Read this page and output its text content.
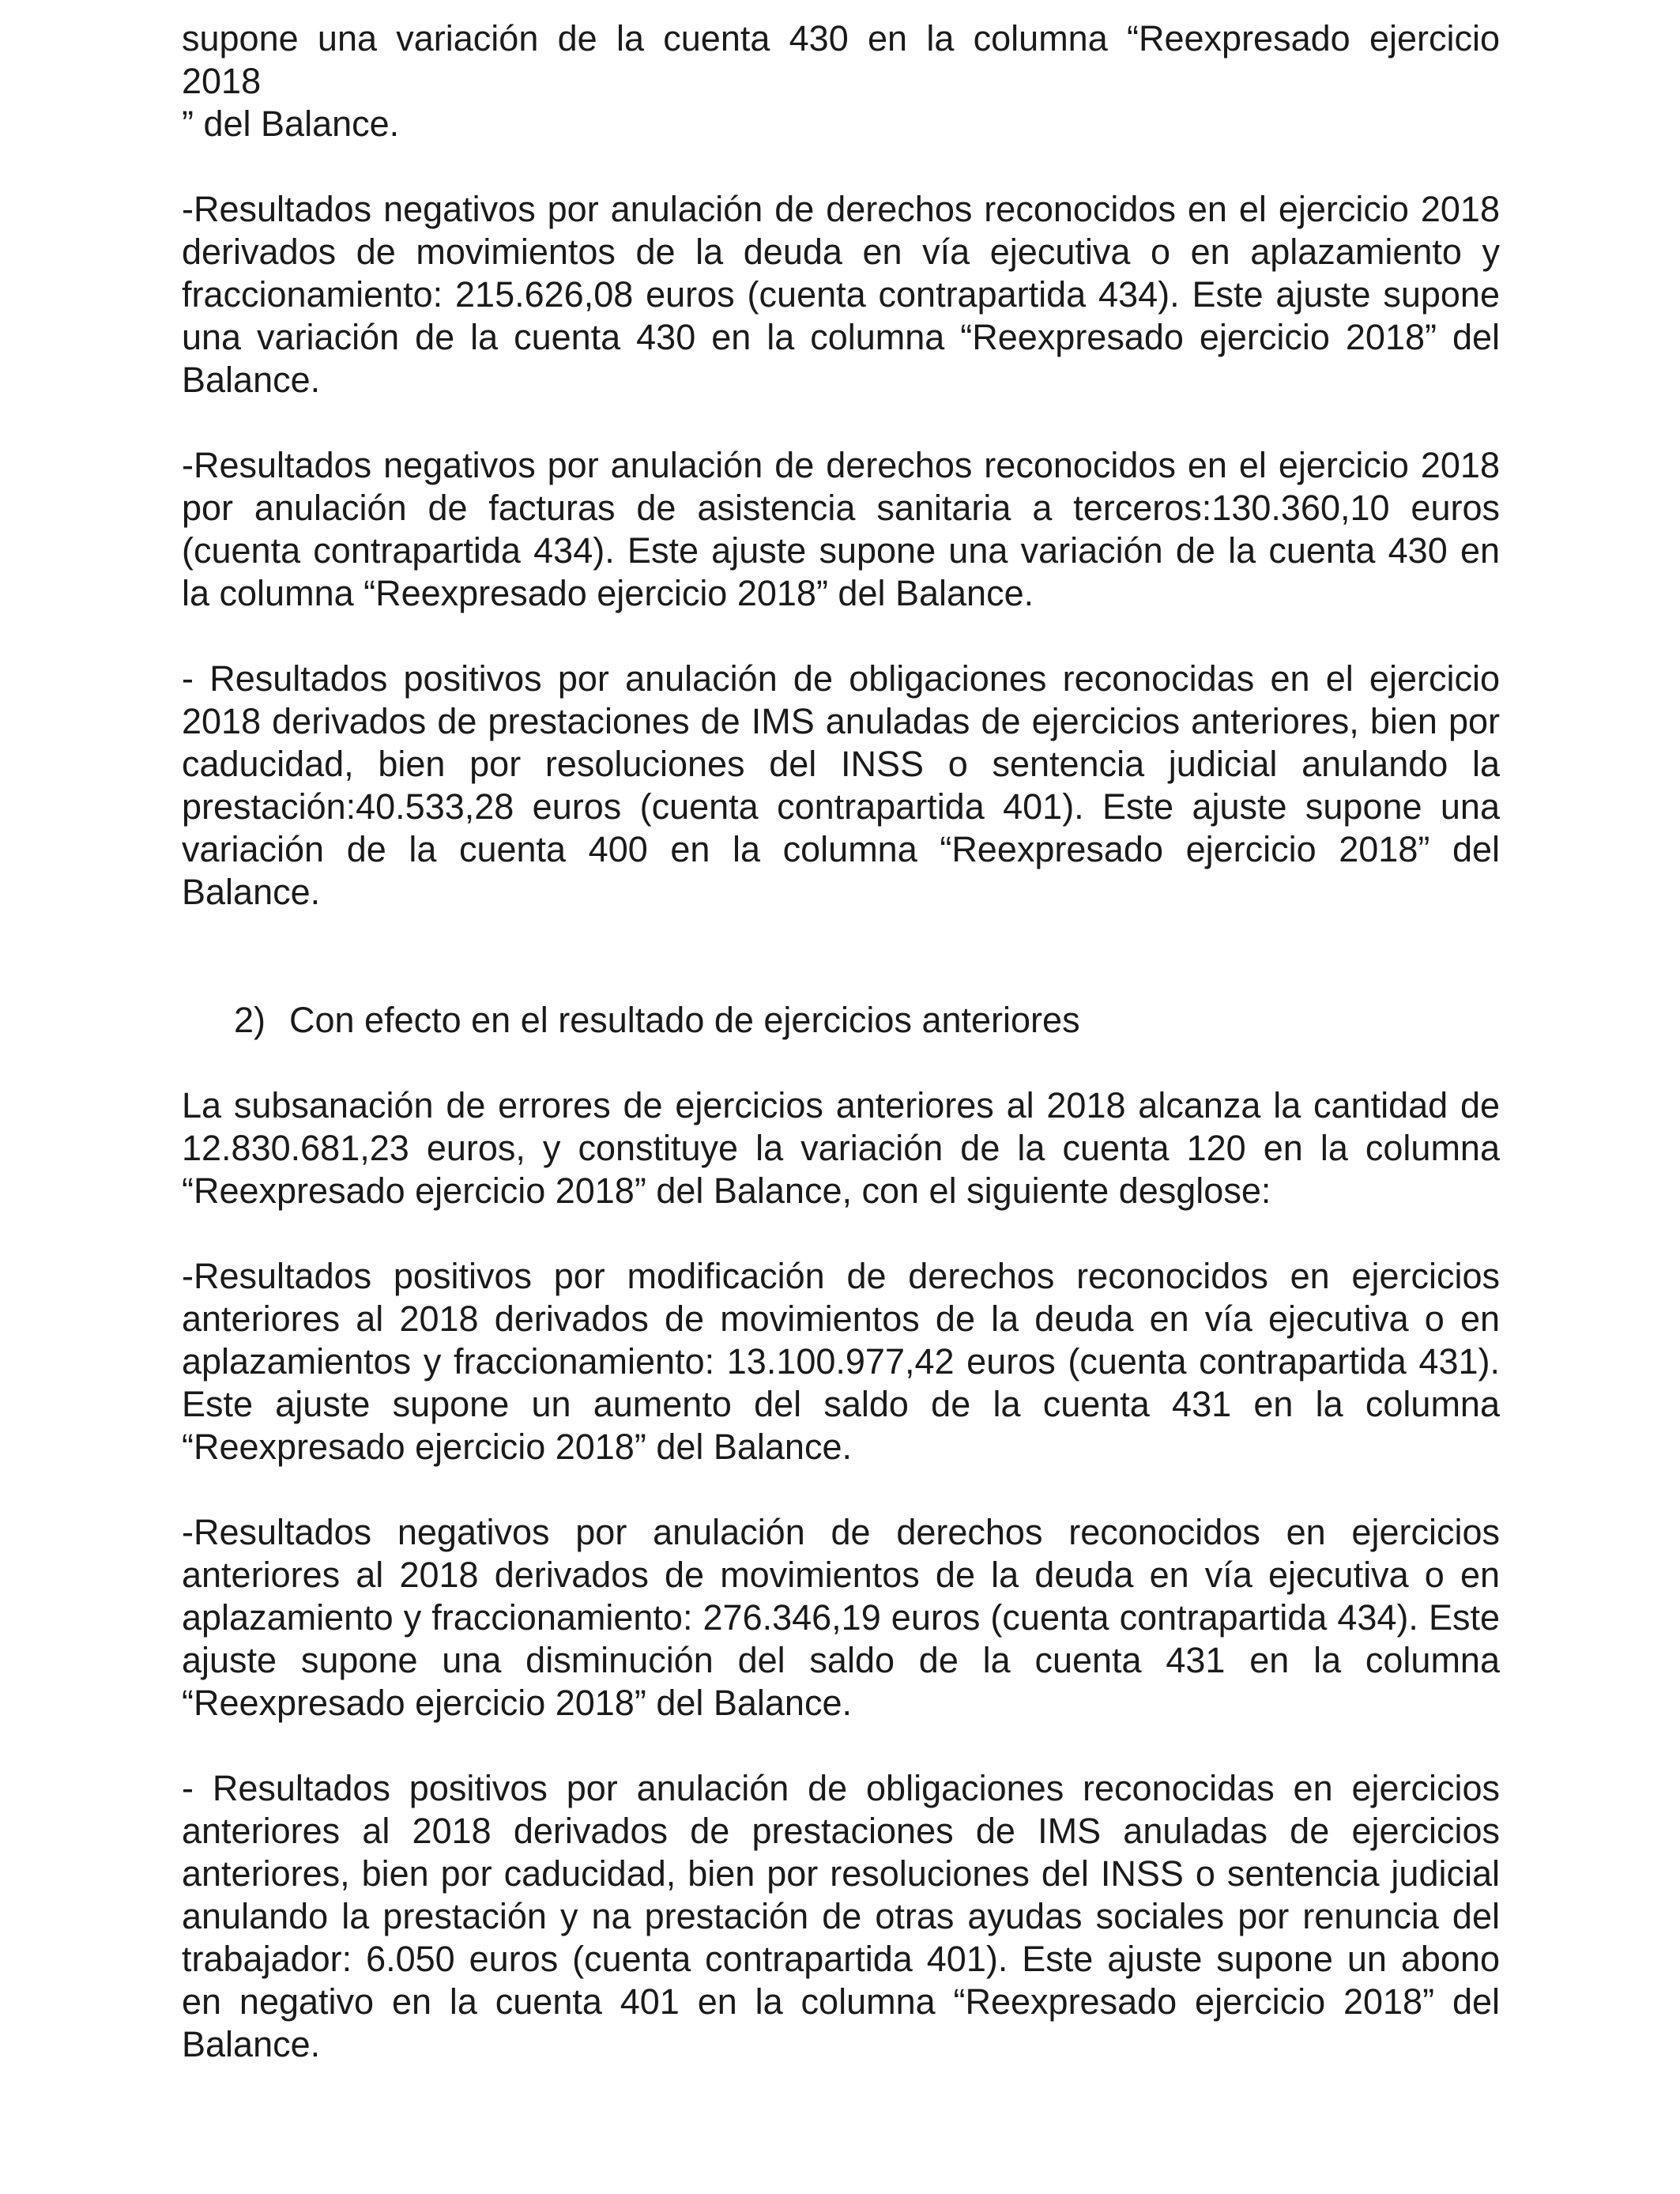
supone una variación de la cuenta 430 en la columna “Reexpresado ejercicio
2018
” del Balance.

-Resultados negativos por anulación de derechos reconocidos en el ejercicio 2018 derivados de movimientos de la deuda en vía ejecutiva o en aplazamiento y fraccionamiento: 215.626,08 euros (cuenta contrapartida 434). Este ajuste supone una variación de la cuenta 430 en la columna “Reexpresado ejercicio 2018” del Balance.

-Resultados negativos por anulación de derechos reconocidos en el ejercicio 2018 por anulación de facturas de asistencia sanitaria a terceros:130.360,10 euros (cuenta contrapartida 434). Este ajuste supone una variación de la cuenta 430 en la columna “Reexpresado ejercicio 2018” del Balance.

- Resultados positivos por anulación de obligaciones reconocidas en el ejercicio 2018 derivados de prestaciones de IMS anuladas de ejercicios anteriores, bien por caducidad, bien por resoluciones del INSS o sentencia judicial anulando la prestación:40.533,28 euros (cuenta contrapartida 401). Este ajuste supone una variación de la cuenta 400 en la columna “Reexpresado ejercicio 2018” del Balance.

2) Con efecto en el resultado de ejercicios anteriores

La subsanación de errores de ejercicios anteriores al 2018 alcanza la cantidad de 12.830.681,23 euros, y constituye la variación de la cuenta 120 en la columna “Reexpresado ejercicio 2018” del Balance, con el siguiente desglose:

-Resultados positivos por modificación de derechos reconocidos en ejercicios anteriores al 2018 derivados de movimientos de la deuda en vía ejecutiva o en aplazamientos y fraccionamiento: 13.100.977,42 euros (cuenta contrapartida 431). Este ajuste supone un aumento del saldo de la cuenta 431 en la columna “Reexpresado ejercicio 2018” del Balance.

-Resultados negativos por anulación de derechos reconocidos en ejercicios anteriores al 2018 derivados de movimientos de la deuda en vía ejecutiva o en aplazamiento y fraccionamiento: 276.346,19 euros (cuenta contrapartida 434). Este ajuste supone una disminución del saldo de la cuenta 431 en la columna “Reexpresado ejercicio 2018” del Balance.

- Resultados positivos por anulación de obligaciones reconocidas en ejercicios anteriores al 2018 derivados de prestaciones de IMS anuladas de ejercicios anteriores, bien por caducidad, bien por resoluciones del INSS o sentencia judicial anulando la prestación y na prestación de otras ayudas sociales por renuncia del trabajador: 6.050 euros (cuenta contrapartida 401). Este ajuste supone un abono en negativo en la cuenta 401 en la columna “Reexpresado ejercicio 2018” del Balance.
